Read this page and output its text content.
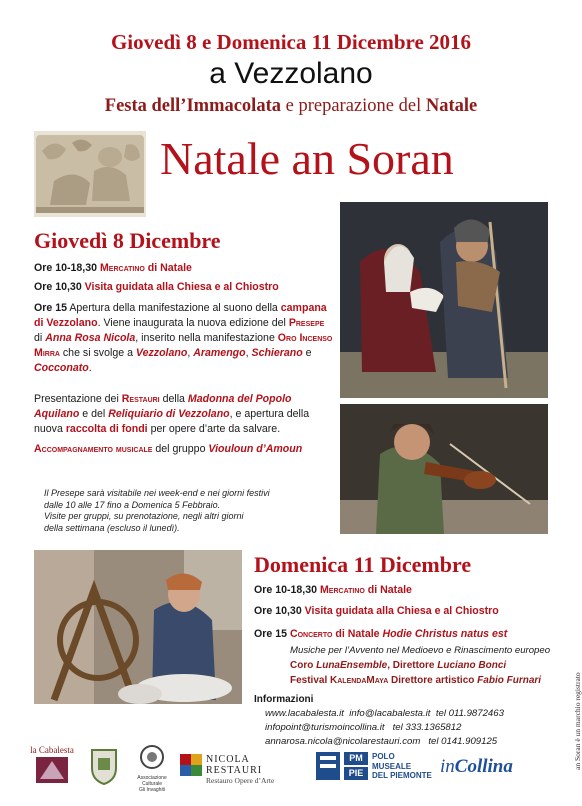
Giovedì 8 e Domenica 11 Dicembre 2016
a Vezzolano
Festa dell’Immacolata e preparazione del Natale
Natale an Soran
Giovedì 8 Dicembre
Ore 10-18,30 Mercatino di Natale
Ore 10,30 Visita guidata alla Chiesa e al Chiostro
Ore 15 Apertura della manifestazione al suono della campana di Vezzolano. Viene inaugurata la nuova edizione del Presepe di Anna Rosa Nicola, inserito nella manifestazione Oro Incenso Mirra che si svolge a Vezzolano, Aramengo, Schierano e Cocconato.
Presentazione dei Restauri della Madonna del Popolo Aquilano e del Reliquiario di Vezzolano, e apertura della nuova raccolta di fondi per opere d’arte da salvare.
Accompagnamento musicale del gruppo Viouloun d’Amoun
Il Presepe sarà visitabile nei week-end e nei giorni festivi
dalle 10 alle 17 fino a Domenica 5 Febbraio.
Visite per gruppi, su prenotazione, negli altri giorni
della settimana (escluso il lunedì).
Domenica 11 Dicembre
Ore 10-18,30 Mercatino di Natale
Ore 10,30 Visita guidata alla Chiesa e al Chiostro
Ore 15 Concerto di Natale Hodie Christus natus est
Musiche per l’Avvento nel Medioevo e Rinascimento europeo
Coro LunaEnsemble, Direttore Luciano Bonci
Festival KalendaMaya Direttore artistico Fabio Furnari
Informazioni
www.lacabalesta.it info@lacabalesta.it tel 011.9872463
infopoint@turismoincollina.it tel 333.1365812
annarosa.nicola@nicolarestauri.com tel 0141.909125	an Soran è un marchio registrato
la Cabalesta
Associazione Culturale
Gli Invaghiti
NICOLA RESTAURI
Restauro Opere d’Arte
PM
PIE
POLO
MUSEALE
DEL PIEMONTE inCollina
